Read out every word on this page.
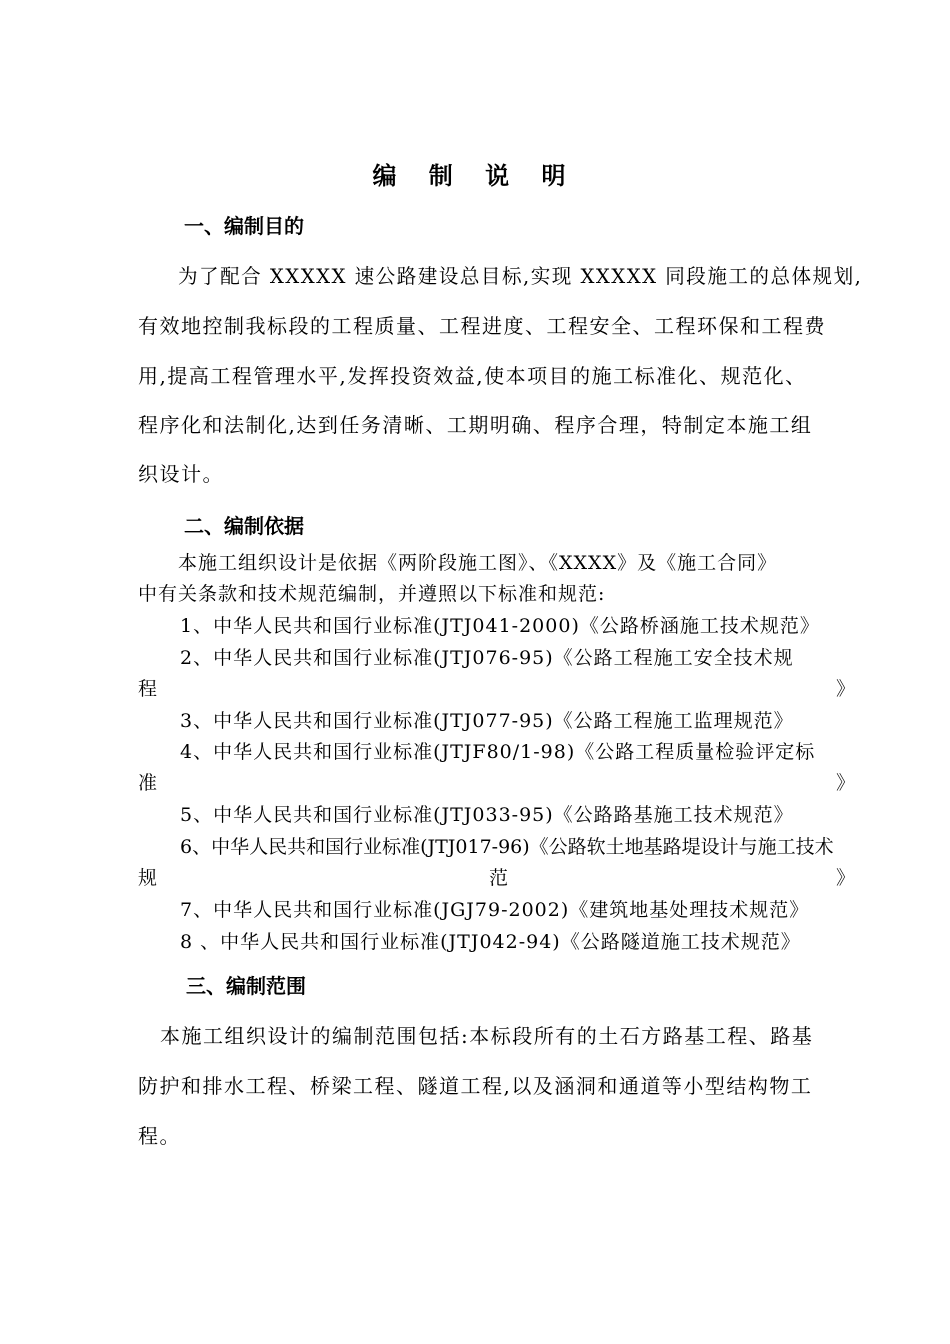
编 制 说 明
一、编制目的
为了配合 XXXXX 速公路建设总目标,实现 XXXXX 同段施工的总体规划,
有效地控制我标段的工程质量、工程进度、工程安全、工程环保和工程费
用,提高工程管理水平,发挥投资效益,使本项目的施工标准化、规范化、
程序化和法制化,达到任务清晰、工期明确、程序合理，特制定本施工组
织设计。
二、编制依据
本施工组织设计是依据《两阶段施工图》、《XXXX》及《施工合同》
中有关条款和技术规范编制，并遵照以下标准和规范:
1、中华人民共和国行业标准(JTJ041-2000)《公路桥涵施工技术规范》
2、中华人民共和国行业标准(JTJ076-95)《公路工程施工安全技术规
程	》
3、中华人民共和国行业标准(JTJ077-95)《公路工程施工监理规范》
4、中华人民共和国行业标准(JTJF80/1-98)《公路工程质量检验评定标
准	》
5、中华人民共和国行业标准(JTJ033-95)《公路路基施工技术规范》
6、中华人民共和国行业标准(JTJ017-96)《公路软土地基路堤设计与施工技术
规	范	》
7、中华人民共和国行业标准(JGJ79-2002)《建筑地基处理技术规范》
8 、中华人民共和国行业标准(JTJ042-94)《公路隧道施工技术规范》
三、编制范围
本施工组织设计的编制范围包括:本标段所有的土石方路基工程、路基
防护和排水工程、桥梁工程、隧道工程,以及涵洞和通道等小型结构物工
程。
